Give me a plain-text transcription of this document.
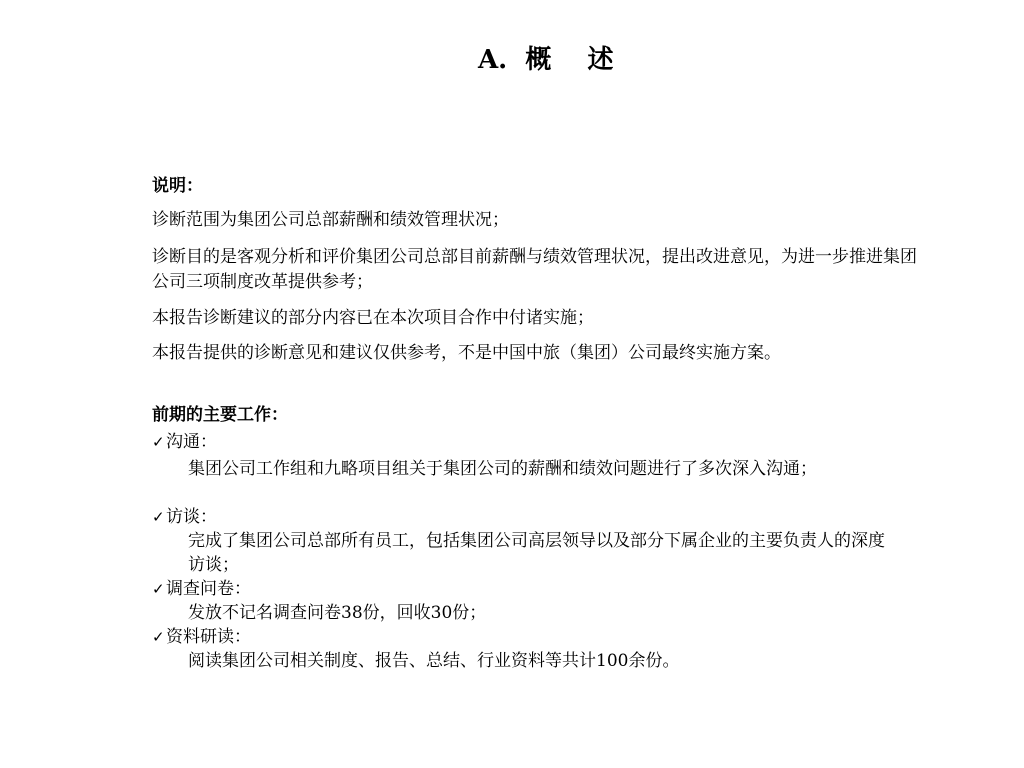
A.  概    述
说明：
诊断范围为集团公司总部薪酬和绩效管理状况；
诊断目的是客观分析和评价集团公司总部目前薪酬与绩效管理状况，提出改进意见，为进一步推进集团公司三项制度改革提供参考；
本报告诊断建议的部分内容已在本次项目合作中付诸实施；
本报告提供的诊断意见和建议仅供参考，不是中国中旅（集团）公司最终实施方案。
前期的主要工作：
✓沟通：
集团公司工作组和九略项目组关于集团公司的薪酬和绩效问题进行了多次深入沟通；
✓访谈：
完成了集团公司总部所有员工，包括集团公司高层领导以及部分下属企业的主要负责人的深度访谈；
✓调查问卷：
发放不记名调查问卷38份，回收30份；
✓资料研读：
阅读集团公司相关制度、报告、总结、行业资料等共计100余份。
